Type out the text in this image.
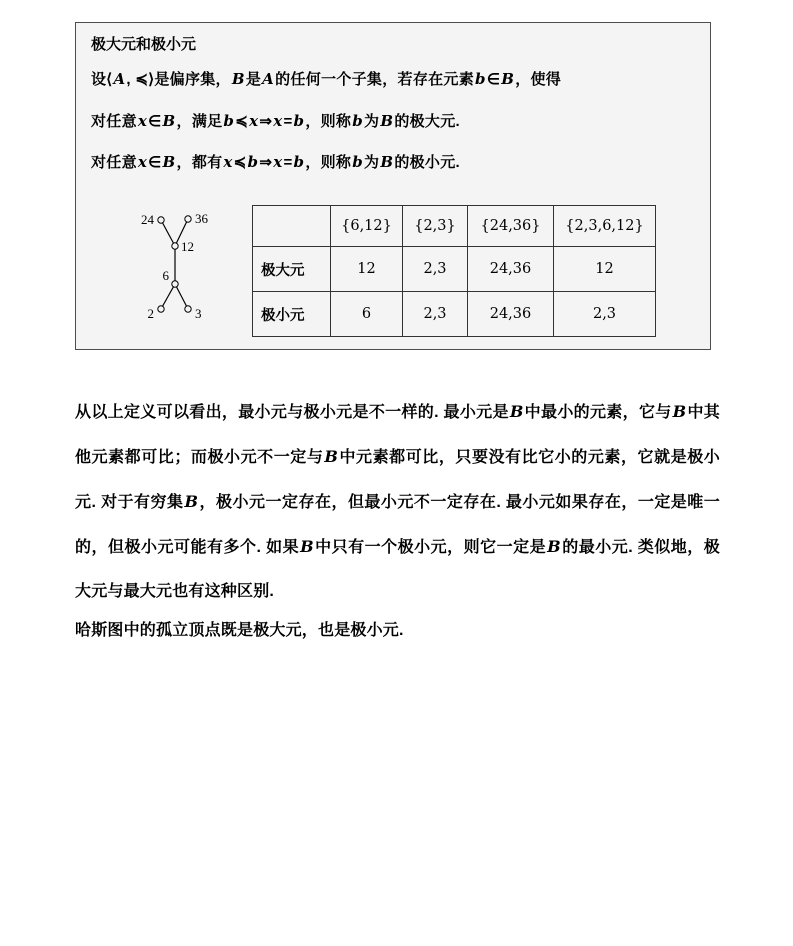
极大元和极小元

设⟨A, ≼⟩是偏序集，B是A的任何一个子集，若存在元素b∈B，使得

对任意x∈B，满足b≼x⇒x=b，则称b为B的极大元.

对任意x∈B，都有x≼b⇒x=b，则称b为B的极小元.

24	36
12
6
2	3
	{6,12}	{2,3}	{24,36}	{2,3,6,12}
极大元	12	2,3	24,36	12
极小元	6	2,3	24,36	2,3

从以上定义可以看出，最小元与极小元是不一样的. 最小元是B中最小的元素，它与B中其他元素都可比；而极小元不一定与B中元素都可比，只要没有比它小的元素，它就是极小元. 对于有穷集B，极小元一定存在，但最小元不一定存在. 最小元如果存在，一定是唯一的，但极小元可能有多个. 如果B中只有一个极小元，则它一定是B的最小元. 类似地，极大元与最大元也有这种区别.

哈斯图中的孤立顶点既是极大元，也是极小元.
